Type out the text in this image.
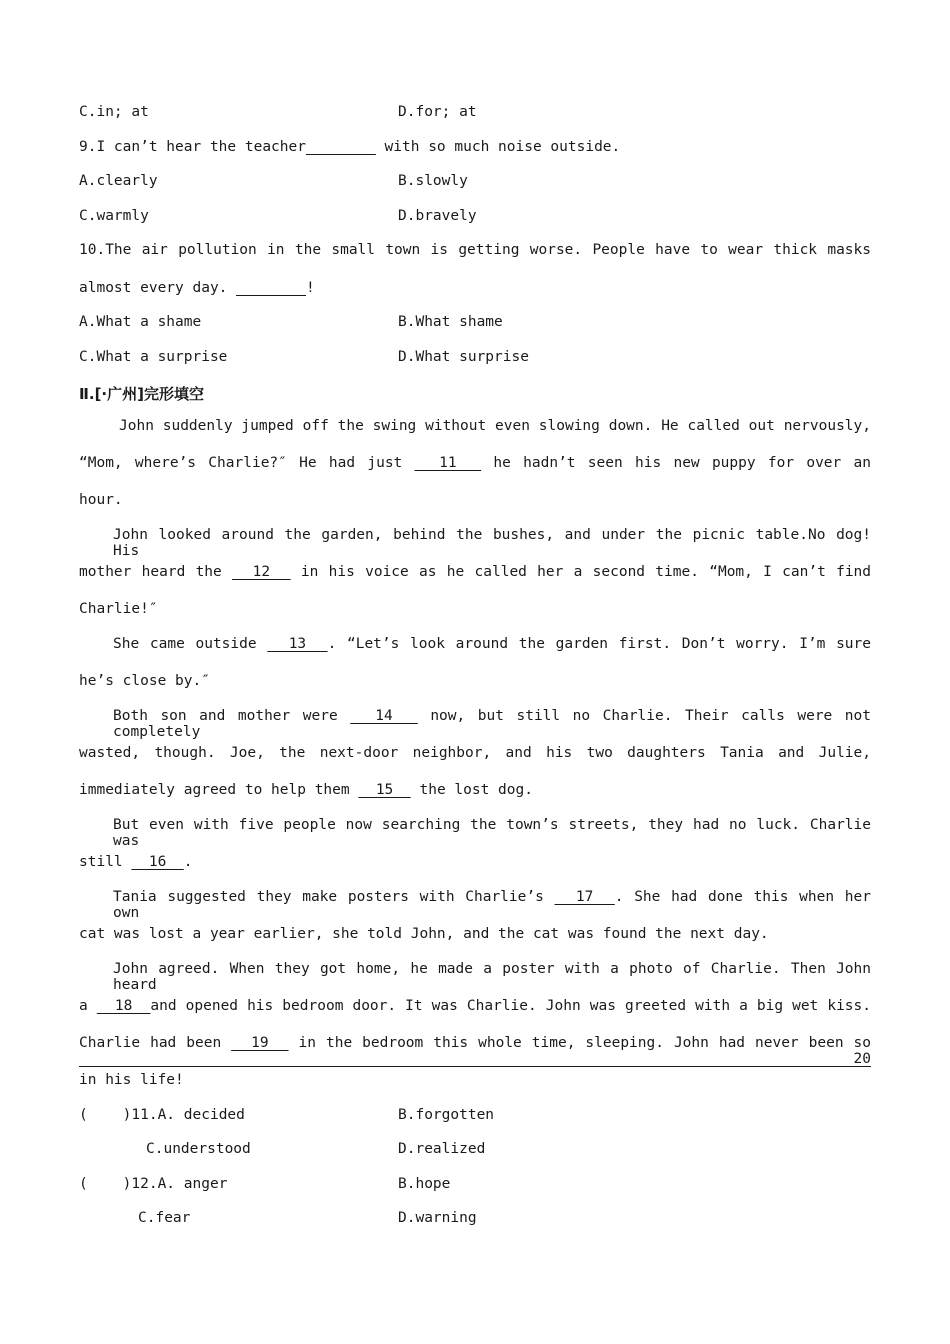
C.in; at	D.for; at
9.I can’t hear the teacher________ with so much noise outside.
A.clearly	B.slowly
C.warmly	D.bravely
10.The air pollution in the small town is getting worse. People have to wear thick masks
almost every day. ________!
A.What a shame	B.What shame
C.What a surprise	D.What surprise
Ⅱ.[·广州]完形填空
John suddenly jumped off the swing without even slowing down. He called out nervously,
“Mom, where’s Charlie?″ He had just   11   he hadn’t seen his new puppy for over an
hour.
John looked around the garden, behind the bushes, and under the picnic table.No dog! His
mother heard the   12   in his voice as he called her a second time. “Mom, I can’t find
Charlie!″
She came outside   13  . “Let’s look around the garden first. Don’t worry. I’m sure
he’s close by.″
Both son and mother were   14   now, but still no Charlie. Their calls were not completely
wasted, though. Joe, the next-door neighbor, and his two daughters Tania and Julie,
immediately agreed to help them   15   the lost dog.
But even with five people now searching the town’s streets, they had no luck. Charlie was
still   16  .
Tania suggested they make posters with Charlie’s   17  . She had done this when her own
cat was lost a year earlier, she told John, and the cat was found the next day.
John agreed. When they got home, he made a poster with a photo of Charlie. Then John heard
a   18  and opened his bedroom door. It was Charlie. John was greeted with a big wet kiss.
Charlie had been   19   in the bedroom this whole time, sleeping. John had never been so   20
in his life!
(    )11.A. decided	B.forgotten
C.understood	D.realized
(    )12.A. anger	B.hope
C.fear	D.warning
